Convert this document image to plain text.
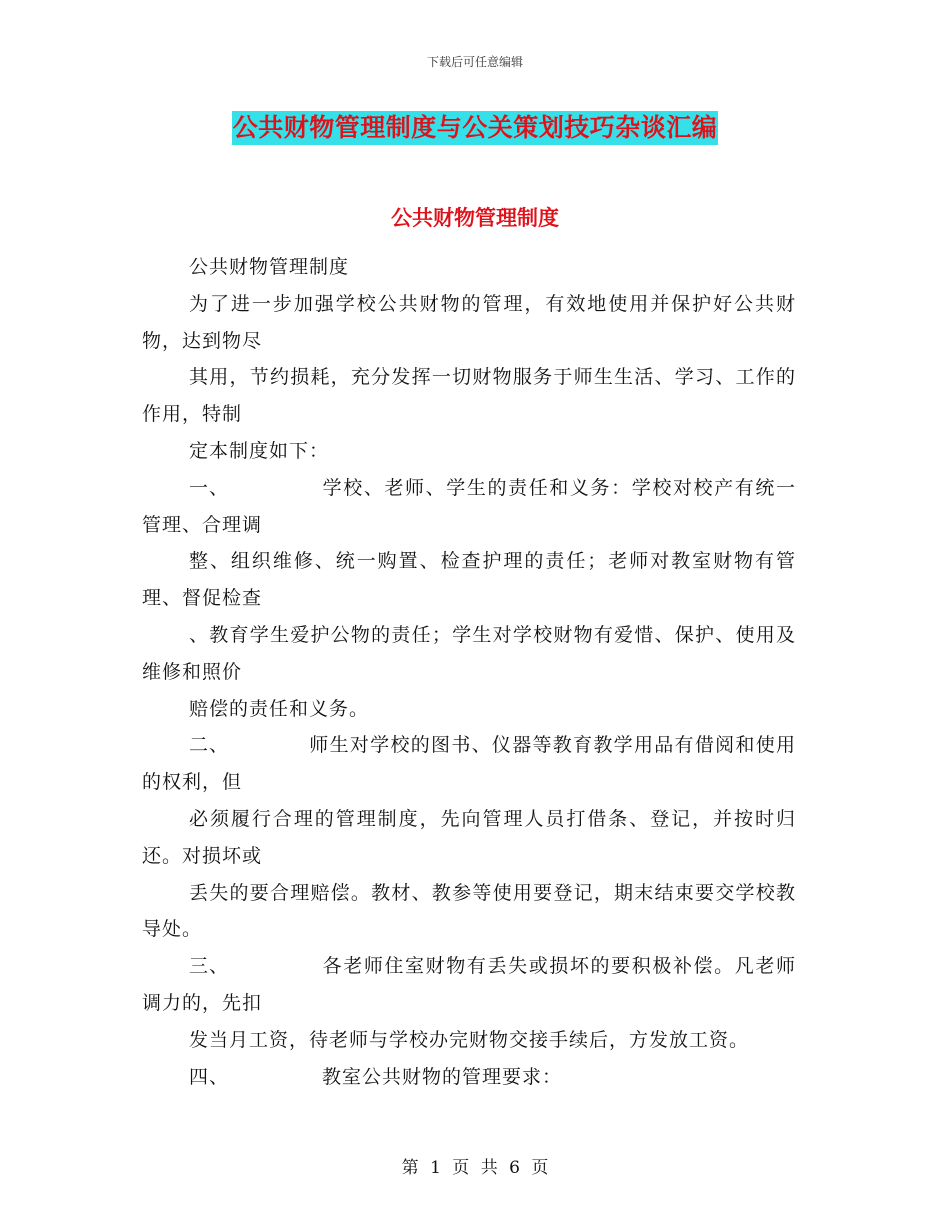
下载后可任意编辑
公共财物管理制度与公关策划技巧杂谈汇编
公共财物管理制度

公共财物管理制度

为了进一步加强学校公共财物的管理，有效地使用并保护好公共财物，达到物尽

其用，节约损耗，充分发挥一切财物服务于师生生活、学习、工作的作用，特制

定本制度如下：

一、	学校、老师、学生的责任和义务：学校对校产有统一管理、合理调

整、组织维修、统一购置、检查护理的责任；老师对教室财物有管理、督促检查

、教育学生爱护公物的责任；学生对学校财物有爱惜、保护、使用及维修和照价

赔偿的责任和义务。

二、	师生对学校的图书、仪器等教育教学用品有借阅和使用的权利，但

必须履行合理的管理制度，先向管理人员打借条、登记，并按时归还。对损坏或

丢失的要合理赔偿。教材、教参等使用要登记，期末结束要交学校教导处。

三、	各老师住室财物有丢失或损坏的要积极补偿。凡老师调力的，先扣

发当月工资，待老师与学校办完财物交接手续后，方发放工资。

四、	教室公共财物的管理要求：

第 1 页 共 6 页
